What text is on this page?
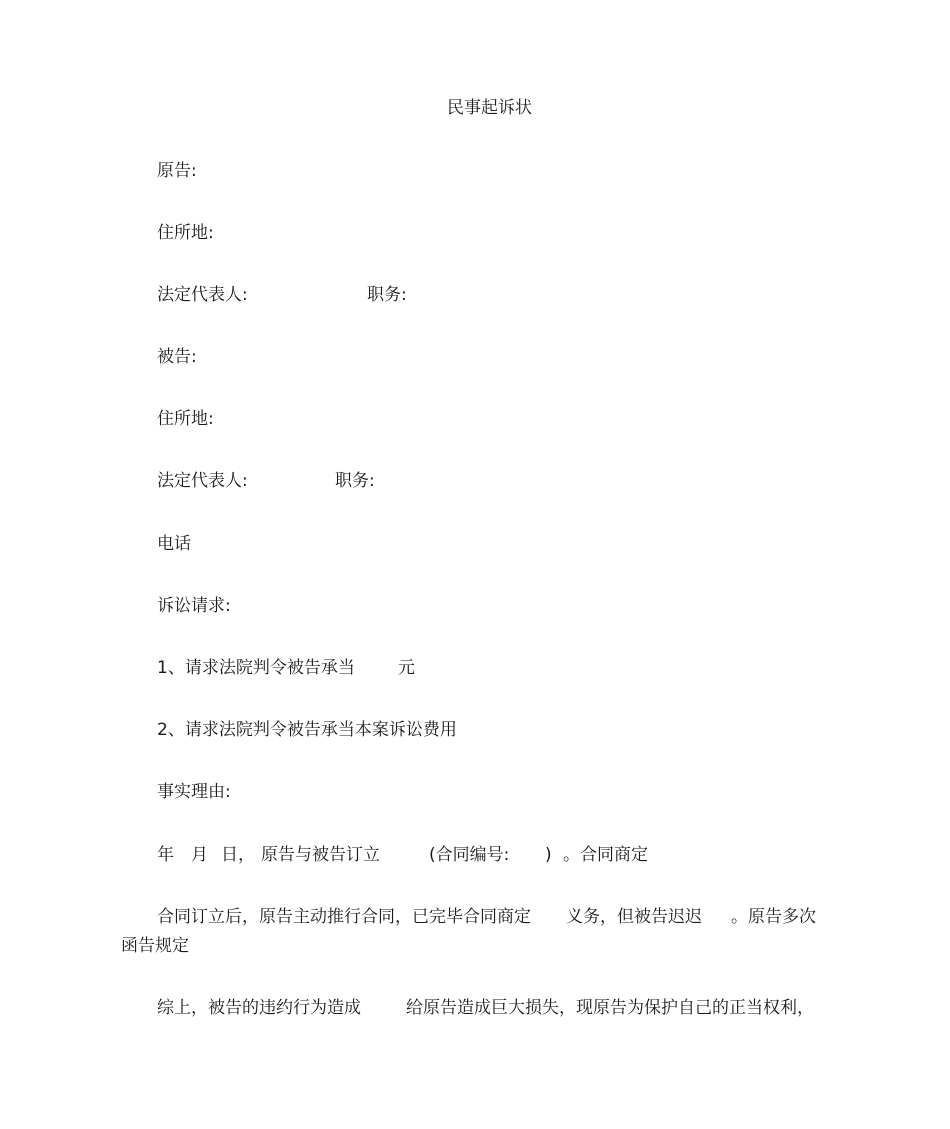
民事起诉状
原告:
住所地:
法定代表人:	职务:
被告:
住所地:
法定代表人:	职务:
电话
诉讼请求:
1、请求法院判令被告承当	元
2、请求法院判令被告承当本案诉讼费用
事实理由:
年 月 日， 原告与被告订立	(合同编号: ) 。合同商定
合同订立后，原告主动推行合同，已完毕合同商定 义务，但被告迟迟 。原告多次
函告规定
综上，被告的违约行为造成	给原告造成巨大损失，现原告为保护自己的正当权利，
